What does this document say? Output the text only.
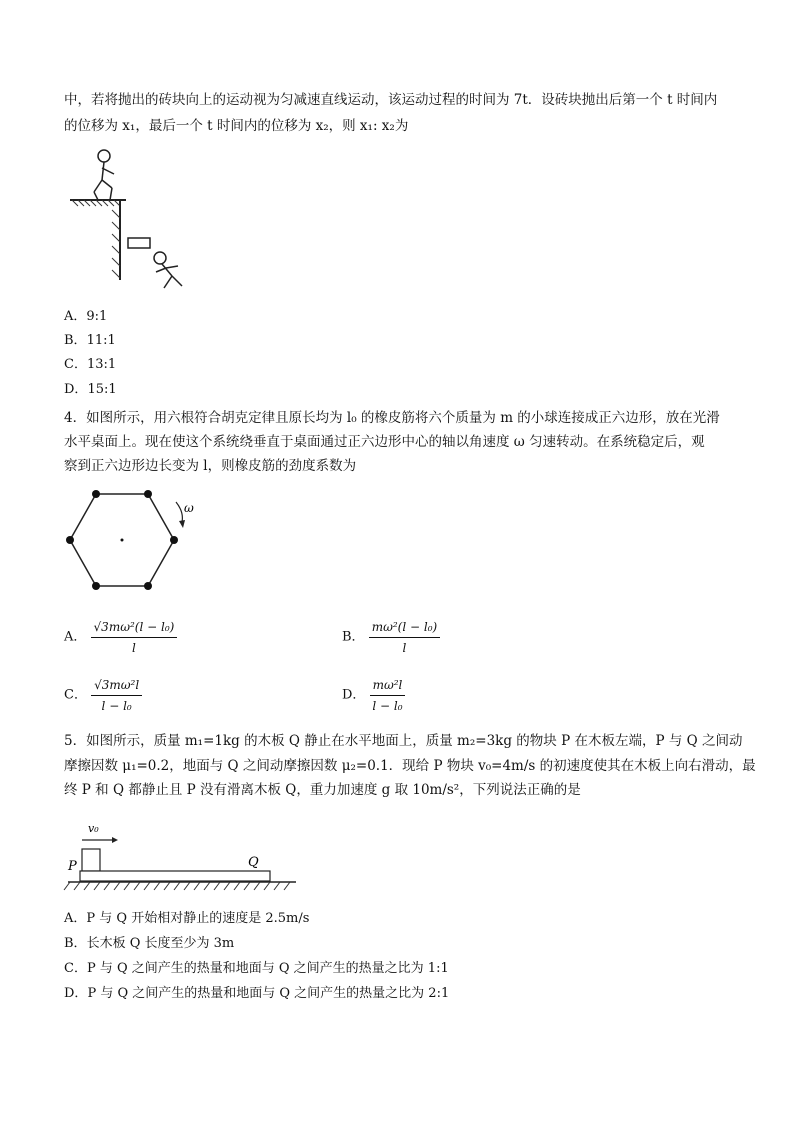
中，若将抛出的砖块向上的运动视为匀减速直线运动，该运动过程的时间为 7t．设砖块抛出后第一个 t 时间内
的位移为 x₁，最后一个 t 时间内的位移为 x₂，则 x₁: x₂为
A．9:1
B．11:1
C．13:1
D．15:1
4．如图所示，用六根符合胡克定律且原长均为 l₀ 的橡皮筋将六个质量为 m 的小球连接成正六边形，放在光滑
水平桌面上。现在使这个系统绕垂直于桌面通过正六边形中心的轴以角速度 ω 匀速转动。在系统稳定后，观
察到正六边形边长变为 l，则橡皮筋的劲度系数为
ω
A． $\frac{\text{√3mω²(l − l₀)}}{l}$	B． $\frac{\text{mω²(l − l₀)}}{l}$
C． $\frac{\text{√3mω²l}}{\text{l − l₀}}$	D． $\frac{\text{mω²l}}{\text{l − l₀}}$
5．如图所示，质量 m₁=1kg 的木板 Q 静止在水平地面上，质量 m₂=3kg 的物块 P 在木板左端，P 与 Q 之间动
摩擦因数 μ₁=0.2，地面与 Q 之间动摩擦因数 μ₂=0.1．现给 P 物块 v₀=4m/s 的初速度使其在木板上向右滑动，最
终 P 和 Q 都静止且 P 没有滑离木板 Q，重力加速度 g 取 10m/s²，下列说法正确的是
v₀
P	Q
A．P 与 Q 开始相对静止的速度是 2.5m/s
B．长木板 Q 长度至少为 3m
C．P 与 Q 之间产生的热量和地面与 Q 之间产生的热量之比为 1:1
D．P 与 Q 之间产生的热量和地面与 Q 之间产生的热量之比为 2:1
